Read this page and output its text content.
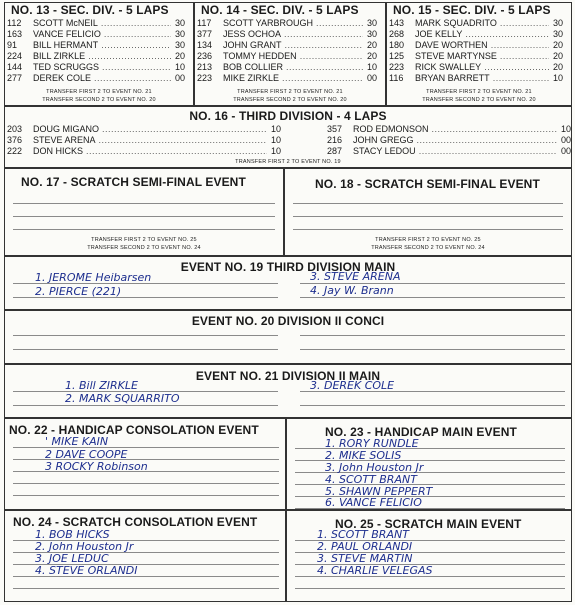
NO. 13 - SEC. DIV. - 5 LAPS
112	SCOTT McNEIL .....	30
163	VANCE FELICIO .....	30
91	BILL HERMANT .....	30
224	BILL ZIRKLE .....	20
144	TED SCRUGGS .....	10
277	DEREK COLE .....	00
TRANSFER FIRST 2 TO EVENT NO. 21
TRANSFER SECOND 2 TO EVENT NO. 20
NO. 14 - SEC. DIV. - 5 LAPS
117	SCOTT YARBROUGH .....	30
377	JESS OCHOA .....	30
134	JOHN GRANT .....	20
236	TOMMY HEDDEN .....	20
213	BOB COLLIER .....	10
223	MIKE ZIRKLE .....	00
TRANSFER FIRST 2 TO EVENT NO. 21
TRANSFER SECOND 2 TO EVENT NO. 20
NO. 15 - SEC. DIV. - 5 LAPS
143	MARK SQUADRITO .....	30
268	JOE KELLY .....	30
180	DAVE WORTHEN .....	20
125	STEVE MARTYNSE .....	20
223	RICK SWALLEY .....	20
116	BRYAN BARRETT .....	10
TRANSFER FIRST 2 TO EVENT NO. 21
TRANSFER SECOND 2 TO EVENT NO. 20
NO. 16 - THIRD DIVISION - 4 LAPS
203	DOUG MIGANO .....	10
376	STEVE ARENA .....	10
222	DON HICKS .....	10
357	ROD EDMONSON .....	10
216	JOHN GREGG .....	00
287	STACY LEDOU .....	00
TRANSFER FIRST 2 TO EVENT NO. 19
NO. 17 - SCRATCH SEMI-FINAL EVENT
TRANSFER FIRST 2 TO EVENT NO. 25
TRANSFER SECOND 2 TO EVENT NO. 24
NO. 18 - SCRATCH SEMI-FINAL EVENT
TRANSFER FIRST 2 TO EVENT NO. 25
TRANSFER SECOND 2 TO EVENT NO. 24
EVENT NO. 19 THIRD DIVISION MAIN
1. JEROME Heibarsen
2. PIERCE (221)
3. STEVE ARENA
4. Jay W. Brann
EVENT NO. 20 DIVISION II CONCI
EVENT NO. 21 DIVISION II MAIN
1. Bill ZIRKLE
2. MARK SQUARRITO
3. DEREK COLE
NO. 22 - HANDICAP CONSOLATION EVENT
' MIKE KAIN
2 DAVE COOPE
3 ROCKY Robinson
NO. 23 - HANDICAP MAIN EVENT
1. RORY RUNDLE
2. MIKE SOLIS
3. John Houston Jr
4. SCOTT BRANT
5. SHAWN PEPPERT
6. VANCE FELICIO
NO. 24 - SCRATCH CONSOLATION EVENT
1. BOB HICKS
2. John Houston Jr
3. JOE LEDUC
4. STEVE ORLANDI
NO. 25 - SCRATCH MAIN EVENT
1. SCOTT BRANT
2. PAUL ORLANDI
3. STEVE MARTIN
4. CHARLIE VELEGAS
